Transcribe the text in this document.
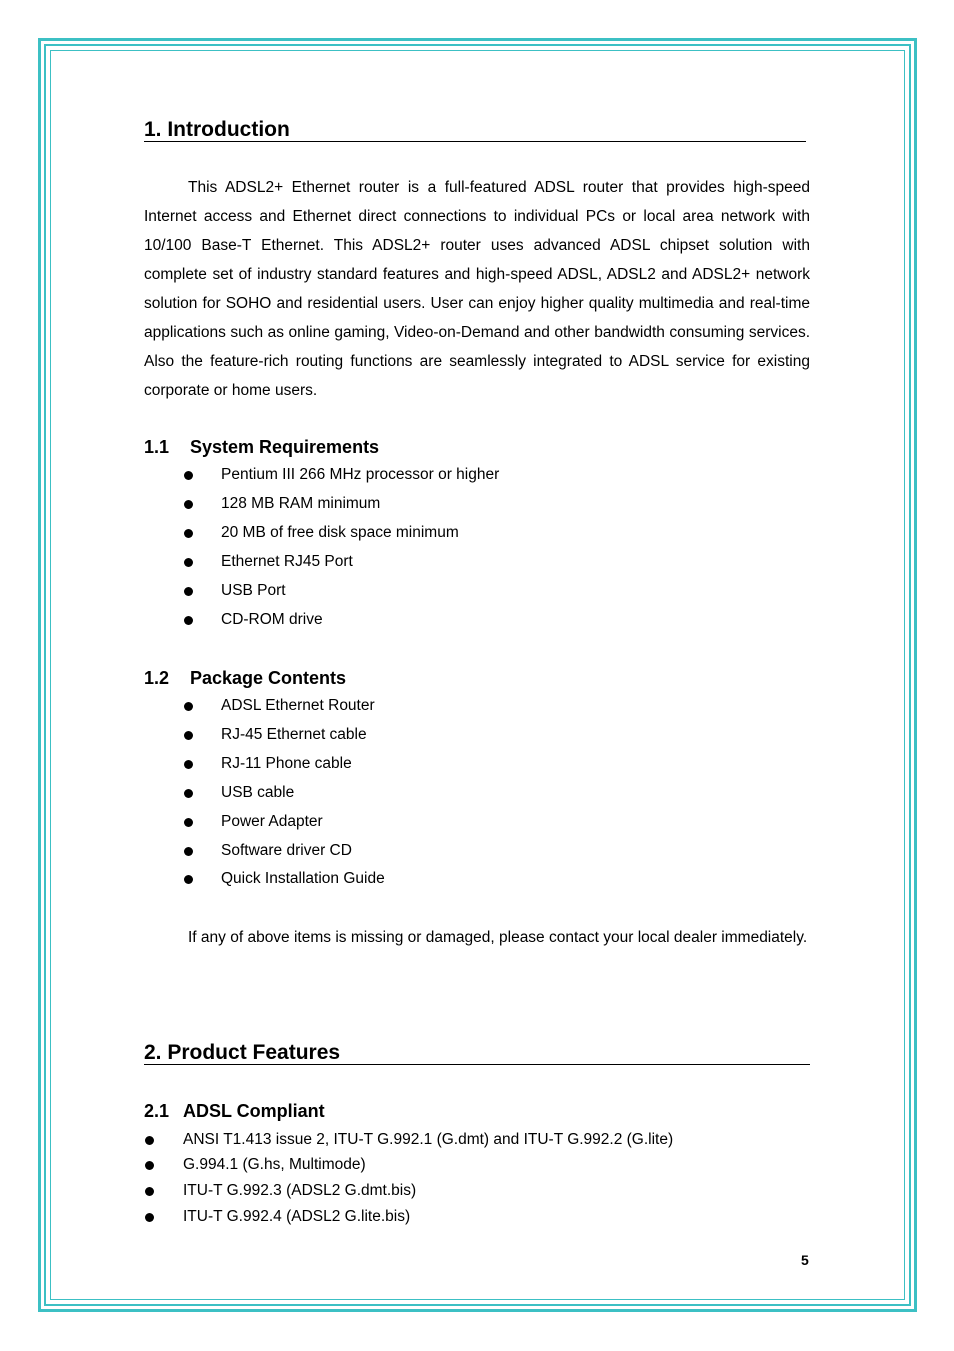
1. Introduction
This ADSL2+ Ethernet router is a full-featured ADSL router that provides high-speed Internet access and Ethernet direct connections to individual PCs or local area network with 10/100 Base-T Ethernet. This ADSL2+ router uses advanced ADSL chipset solution with complete set of industry standard features and high-speed ADSL, ADSL2 and ADSL2+ network solution for SOHO and residential users. User can enjoy higher quality multimedia and real-time applications such as online gaming, Video-on-Demand and other bandwidth consuming services. Also the feature-rich routing functions are seamlessly integrated to ADSL service for existing corporate or home users.
1.1 System Requirements
Pentium III 266 MHz processor or higher
128 MB RAM minimum
20 MB of free disk space minimum
Ethernet RJ45 Port
USB Port
CD-ROM drive
1.2 Package Contents
ADSL Ethernet Router
RJ-45 Ethernet cable
RJ-11 Phone cable
USB cable
Power Adapter
Software driver CD
Quick Installation Guide
If any of above items is missing or damaged, please contact your local dealer immediately.
2. Product Features
2.1 ADSL Compliant
ANSI T1.413 issue 2, ITU-T G.992.1 (G.dmt) and ITU-T G.992.2 (G.lite)
G.994.1 (G.hs, Multimode)
ITU-T G.992.3 (ADSL2 G.dmt.bis)
ITU-T G.992.4 (ADSL2 G.lite.bis)
5
